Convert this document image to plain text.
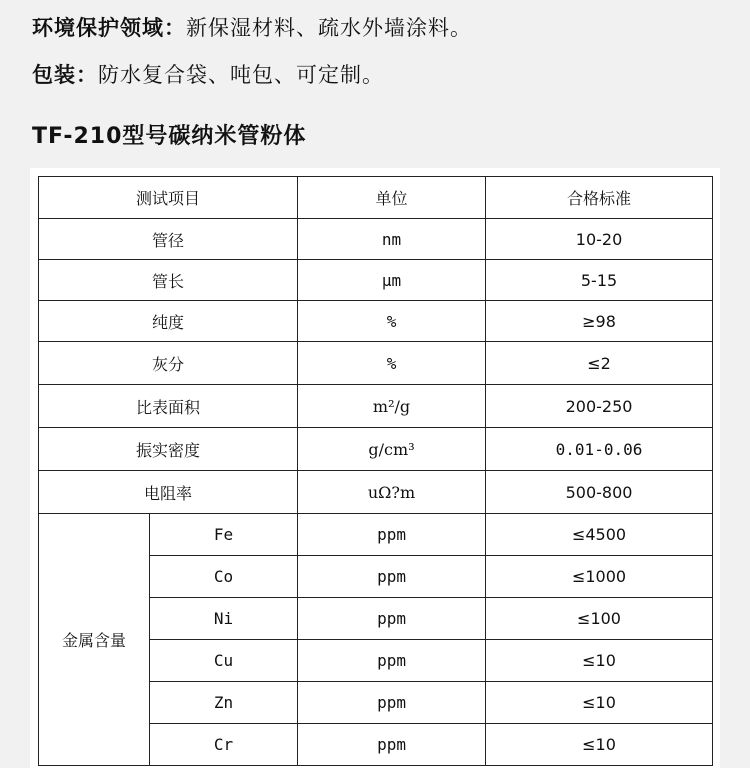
环境保护领域：新保湿材料、疏水外墙涂料。
包装：防水复合袋、吨包、可定制。
TF-210型号碳纳米管粉体
测试项目		单位	合格标准
管径		nm	10-20
管长		μm	5-15
纯度		%	≥98
灰分		%	≤2
比表面积		m²/g	200-250
振实密度		g/cm³	0.01-0.06
电阻率		uΩ?m	500-800
金属含量	Fe	ppm	≤4500
	Co	ppm	≤1000
	Ni	ppm	≤100
	Cu	ppm	≤10
	Zn	ppm	≤10
	Cr	ppm	≤10
